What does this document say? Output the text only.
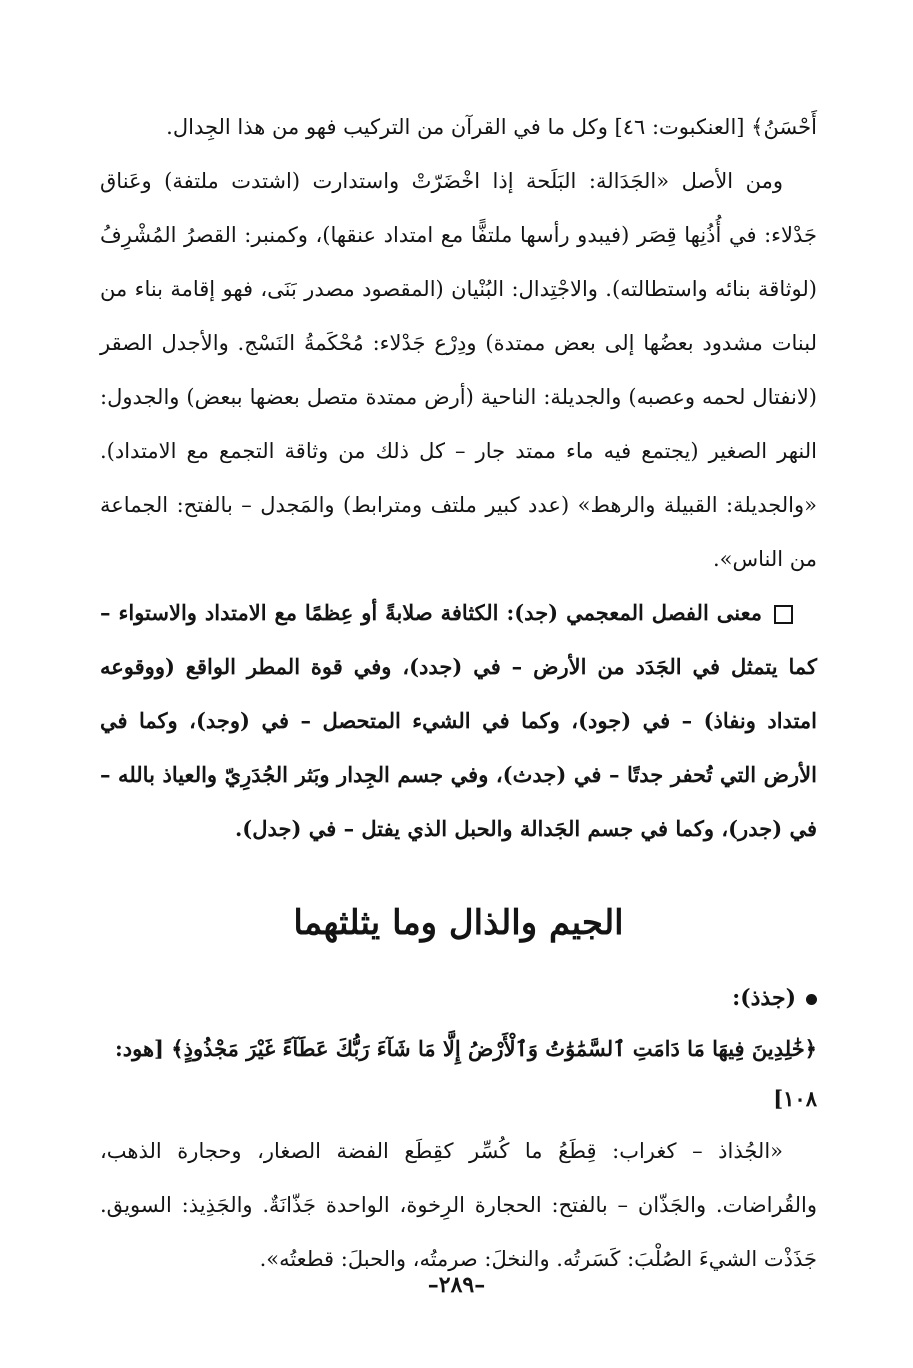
أَحْسَنُ﴾ [العنكبوت: ٤٦] وكل ما في القرآن من التركيب فهو من هذا الجِدال.

ومن الأصل «الجَدَالة: البَلَحة إذا اخْضَرّتْ واستدارت (اشتدت ملتفة) وعَناق جَدْلاء: في أُذُنِها قِصَر (فيبدو رأسها ملتفًّا مع امتداد عنقها)، وكمنبر: القصرُ المُشْرِفُ (لوثاقة بنائه واستطالته). والاجْتِدال: البُنْيان (المقصود مصدر بَنَى، فهو إقامة بناء من لبنات مشدود بعضُها إلى بعض ممتدة) ودِرْع جَدْلاء: مُحْكَمةُ النَسْج. والأجدل الصقر (لانفتال لحمه وعصبه) والجديلة: الناحية (أرض ممتدة متصل بعضها ببعض) والجدول: النهر الصغير (يجتمع فيه ماء ممتد جار – كل ذلك من وثاقة التجمع مع الامتداد). «والجديلة: القبيلة والرهط» (عدد كبير ملتف ومترابط) والمَجدل – بالفتح: الجماعة من الناس».

معنى الفصل المعجمي (جد): الكثافة صلابةً أو عِظمًا مع الامتداد والاستواء – كما يتمثل في الجَدَد من الأرض – في (جدد)، وفي قوة المطر الواقع (ووقوعه امتداد ونفاذ) – في (جود)، وكما في الشيء المتحصل – في (وجد)، وكما في الأرض التي تُحفر جدتًا – في (جدث)، وفي جسم الجِدار وبَثر الجُدَرِيّ والعياذ بالله – في (جدر)، وكما في جسم الجَدالة والحبل الذي يفتل – في (جدل).

الجيم والذال وما يثلثهما

(جذذ):

﴿خَٰلِدِينَ فِيهَا مَا دَامَتِ ٱلسَّمَٰوَٰتُ وَٱلْأَرْضُ إِلَّا مَا شَآءَ رَبُّكَ عَطَآءً غَيْرَ مَجْذُوذٍ﴾ [هود: ١٠٨]

«الجُذاذ – كغراب: قِطَعُ ما كُسِّر كقِطَع الفضة الصغار، وحجارة الذهب، والقُراضات. والجَذّان – بالفتح: الحجارة الرِخوة، الواحدة جَذّانَةٌ. والجَذِيذ: السويق. جَذَذْت الشيءَ الصُلْبَ: كَسَرتُه. والنخلَ: صرمتُه، والحبلَ: قطعتُه».

–٢٨٩–
